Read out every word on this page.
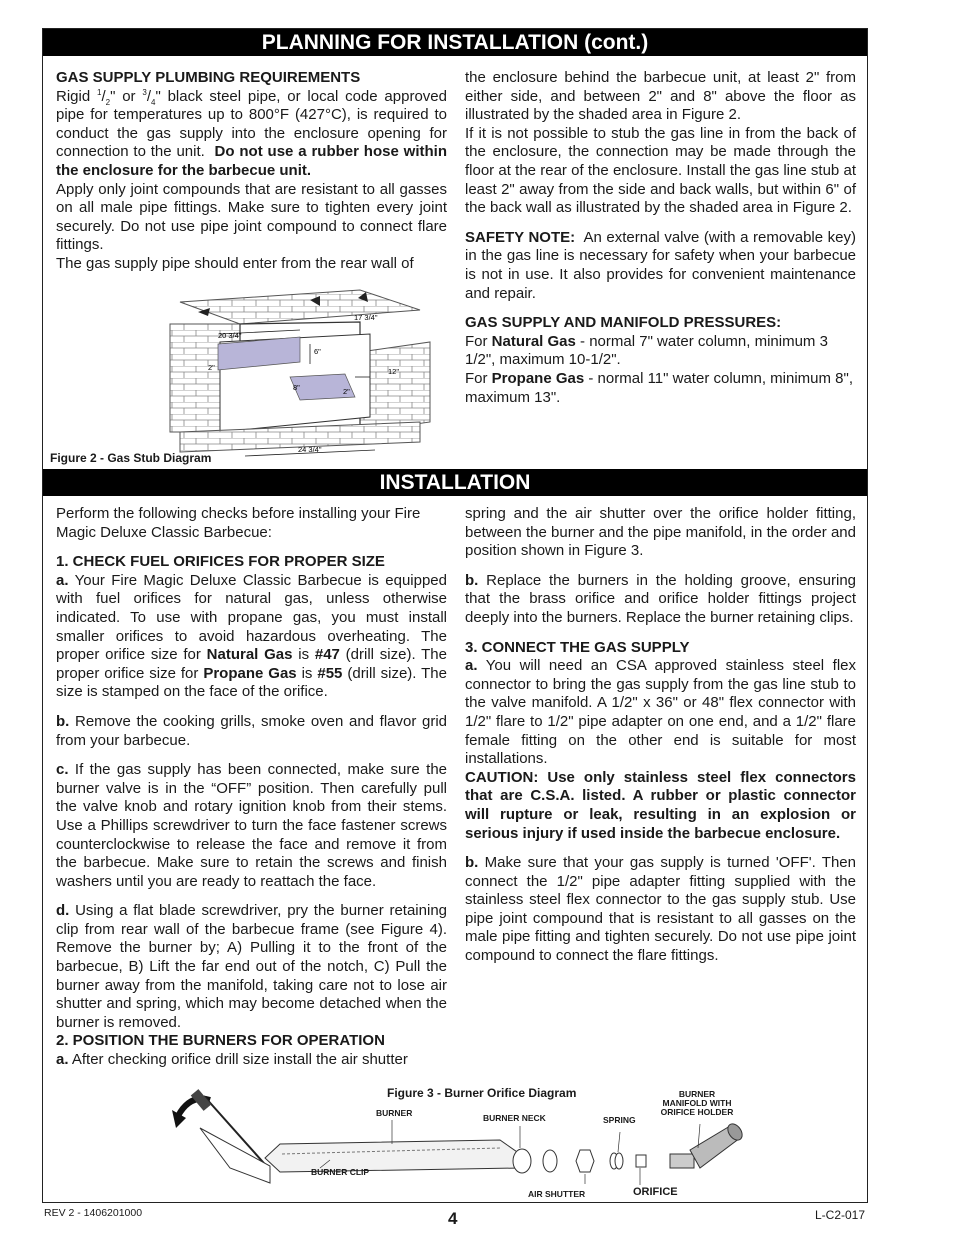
PLANNING FOR INSTALLATION (cont.)

GAS SUPPLY PLUMBING REQUIREMENTS

Rigid $^1/_2$" or $^3/_4$" black steel pipe, or local code approved pipe for temperatures up to 800°F (427°C), is required to conduct the gas supply into the enclosure opening for connection to the unit. Do not use a rubber hose within the enclosure for the barbecue unit.

Apply only joint compounds that are resistant to all gasses on all male pipe fittings. Make sure to tighten every joint securely. Do not use pipe joint compound to connect flare fittings.

The gas supply pipe should enter from the rear wall of

20 3/4"
17 3/4"
6"
12"
2"
2"
8"
24 3/4"
Figure 2 - Gas Stub Diagram

the enclosure behind the barbecue unit, at least 2" from either side, and between 2" and 8" above the floor as illustrated by the shaded area in Figure 2.

If it is not possible to stub the gas line in from the back of the enclosure, the connection may be made through the floor at the rear of the enclosure. Install the gas line stub at least 2" away from the side and back walls, but within 6" of the back wall as illustrated by the shaded area in Figure 2.

SAFETY NOTE: An external valve (with a removable key) in the gas line is necessary for safety when your barbecue is not in use. It also provides for convenient maintenance and repair.

GAS SUPPLY AND MANIFOLD PRESSURES:

For Natural Gas - normal 7" water column, minimum 3 1/2", maximum 10-1/2".

For Propane Gas - normal 11" water column, minimum 8", maximum 13".

INSTALLATION

Perform the following checks before installing your Fire Magic Deluxe Classic Barbecue:

1. CHECK FUEL ORIFICES FOR PROPER SIZE

a. Your Fire Magic Deluxe Classic Barbecue is equipped with fuel orifices for natural gas, unless otherwise indicated. To use with propane gas, you must install smaller orifices to avoid hazardous overheating. The proper orifice size for Natural Gas is #47 (drill size). The proper orifice size for Propane Gas is #55 (drill size). The size is stamped on the face of the orifice.

b. Remove the cooking grills, smoke oven and flavor grid from your barbecue.

c. If the gas supply has been connected, make sure the burner valve is in the “OFF” position. Then carefully pull the valve knob and rotary ignition knob from their stems. Use a Phillips screwdriver to turn the face fastener screws counterclockwise to release the face and remove it from the barbecue. Make sure to retain the screws and finish washers until you are ready to reattach the face.

d. Using a flat blade screwdriver, pry the burner retaining clip from rear wall of the barbecue frame (see Figure 4). Remove the burner by; A) Pulling it to the front of the barbecue, B) Lift the far end out of the notch, C) Pull the burner away from the manifold, taking care not to lose air shutter and spring, which may become detached when the burner is removed.

2. POSITION THE BURNERS FOR OPERATION

a. After checking orifice drill size install the air shutter

spring and the air shutter over the orifice holder fitting, between the burner and the pipe manifold, in the order and position shown in Figure 3.

b. Replace the burners in the holding groove, ensuring that the brass orifice and orifice holder fittings project deeply into the burners. Replace the burner retaining clips.

3. CONNECT THE GAS SUPPLY

a. You will need an CSA approved stainless steel flex connector to bring the gas supply from the gas line stub to the valve manifold. A 1/2" x 36" or 48" flex connector with 1/2" flare to 1/2" pipe adapter on one end, and a 1/2" flare female fitting on the other end is suitable for most installations.

CAUTION: Use only stainless steel flex connectors that are C.S.A. listed. A rubber or plastic connector will rupture or leak, resulting in an explosion or serious injury if used inside the barbecue enclosure.

b. Make sure that your gas supply is turned 'OFF'. Then connect the 1/2" pipe adapter fitting supplied with the stainless steel flex connector to the gas supply stub. Use pipe joint compound that is resistant to all gasses on the male pipe fitting and tighten securely. Do not use pipe joint compound to connect the flare fittings.

Figure 3 - Burner Orifice Diagram
BURNER	BURNER NECK	SPRING
BURNER
MANIFOLD WITH
ORIFICE HOLDER
BURNER CLIP
AIR SHUTTER	ORIFICE
REV 2 - 1406201000	4	L-C2-017
